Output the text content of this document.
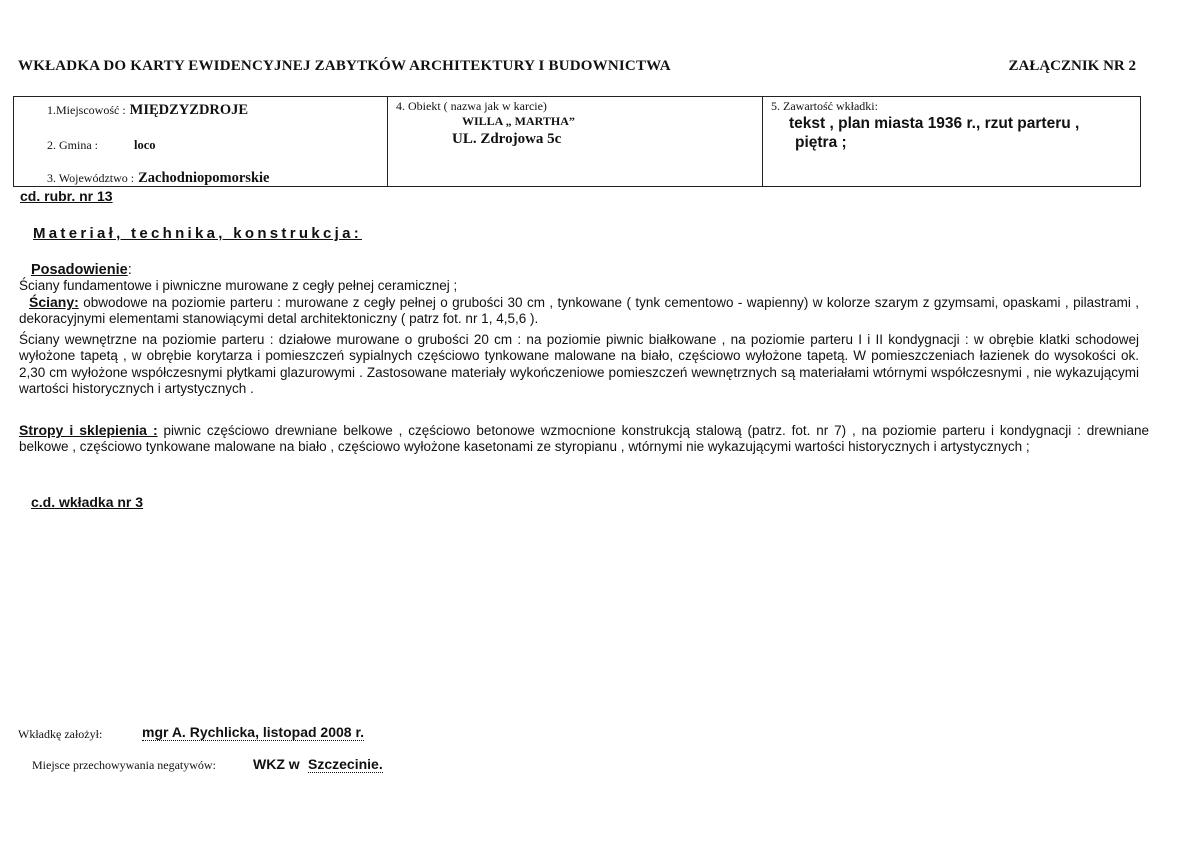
WKŁADKA DO KARTY EWIDENCYJNEJ ZABYTKÓW ARCHITEKTURY I BUDOWNICTWA	ZAŁĄCZNIK NR 2
1.Miejscowość : MIĘDZYZDROJE
2. Gmina :	loco
3. Województwo : Zachodniopomorskie
4. Obiekt ( nazwa jak w karcie)
WILLA „ MARTHA”
UL. Zdrojowa 5c
5. Zawartość wkładki:
tekst , plan miasta 1936 r., rzut parteru ,
piętra ;
cd. rubr. nr 13
Materiał, technika, konstrukcja:
Posadowienie:
Ściany fundamentowe i piwniczne murowane z cegły pełnej ceramicznej ;
Ściany: obwodowe na poziomie parteru : murowane z cegły pełnej o grubości 30 cm , tynkowane ( tynk cementowo - wapienny) w kolorze szarym z gzymsami, opaskami , pilastrami , dekoracyjnymi elementami stanowiącymi detal architektoniczny ( patrz fot. nr 1, 4,5,6 ).
Ściany wewnętrzne na poziomie parteru : działowe murowane o grubości 20 cm : na poziomie piwnic białkowane , na poziomie parteru I i II kondygnacji : w obrębie klatki schodowej wyłożone tapetą , w obrębie korytarza i pomieszczeń sypialnych częściowo tynkowane malowane na biało, częściowo wyłożone tapetą. W pomieszczeniach łazienek do wysokości ok. 2,30 cm wyłożone współczesnymi płytkami glazurowymi . Zastosowane materiały wykończeniowe pomieszczeń wewnętrznych są materiałami wtórnymi współczesnymi , nie wykazującymi wartości historycznych i artystycznych .
Stropy i sklepienia : piwnic częściowo drewniane belkowe , częściowo betonowe wzmocnione konstrukcją stalową (patrz. fot. nr 7) , na poziomie parteru i kondygnacji : drewniane belkowe , częściowo tynkowane malowane na biało , częściowo wyłożone kasetonami ze styropianu , wtórnymi nie wykazującymi wartości historycznych i artystycznych ;
c.d. wkładka nr 3
Wkładkę założył:	mgr A. Rychlicka, listopad 2008 r.
Miejsce przechowywania negatywów:	WKZ w Szczecinie.
